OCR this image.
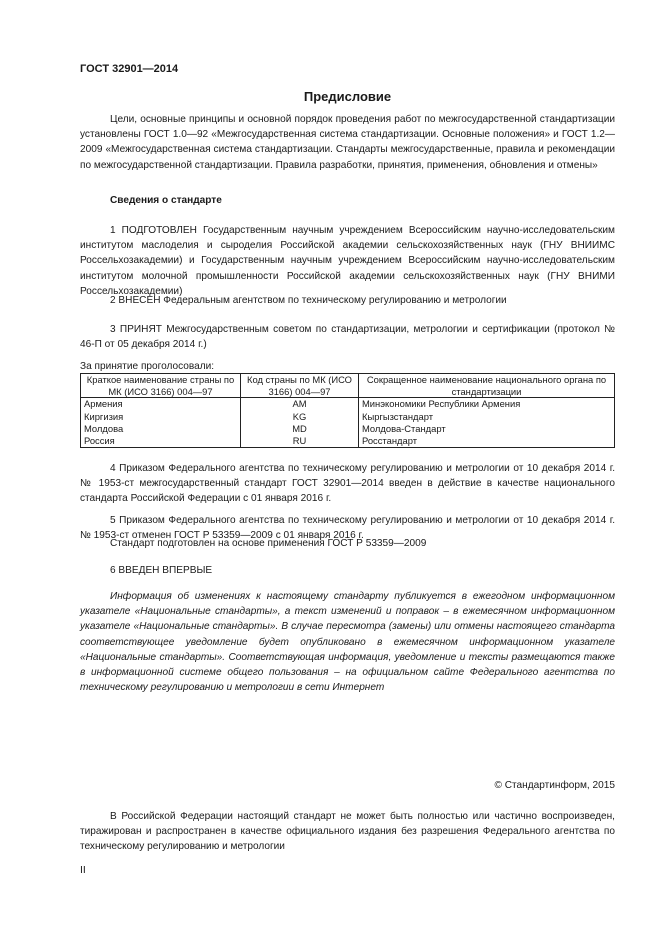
ГОСТ 32901—2014
Предисловие

Цели, основные принципы и основной порядок проведения работ по межгосударственной стандартизации установлены ГОСТ 1.0—92 «Межгосударственная система стандартизации. Основные положения» и ГОСТ 1.2—2009 «Межгосударственная система стандартизации. Стандарты межгосударственные, правила и рекомендации по межгосударственной стандартизации. Правила разработки, принятия, применения, обновления и отмены»

Сведения о стандарте

1 ПОДГОТОВЛЕН Государственным научным учреждением Всероссийским научно-исследовательским институтом маслоделия и сыроделия Российской академии сельскохозяйственных наук (ГНУ ВНИИМС Россельхозакадемии) и Государственным научным учреждением Всероссийским научно-исследовательским институтом молочной промышленности Российской академии сельскохозяйственных наук (ГНУ ВНИМИ Россельхозакадемии)

2 ВНЕСЕН Федеральным агентством по техническому регулированию и метрологии

3 ПРИНЯТ Межгосударственным советом по стандартизации, метрологии и сертификации (протокол № 46-П от 05 декабря 2014 г.)

За принятие проголосовали:

Краткое наименование страны по МК (ИСО 3166) 004—97	Код страны по МК (ИСО 3166) 004—97	Сокращенное наименование национального органа по стандартизации
Армения	AM	Минэкономики Республики Армения
Киргизия	KG	Кыргызстандарт
Молдова	MD	Молдова-Стандарт
Россия	RU	Росстандарт

4 Приказом Федерального агентства по техническому регулированию и метрологии от 10 декабря 2014 г. № 1953-ст межгосударственный стандарт ГОСТ 32901—2014 введен в действие в качестве национального стандарта Российской Федерации с 01 января 2016 г.

5 Приказом Федерального агентства по техническому регулированию и метрологии от 10 декабря 2014 г. № 1953-ст отменен ГОСТ Р 53359—2009 с 01 января 2016 г.

Стандарт подготовлен на основе применения ГОСТ Р 53359—2009

6 ВВЕДЕН ВПЕРВЫЕ

Информация об изменениях к настоящему стандарту публикуется в ежегодном информационном указателе «Национальные стандарты», а текст изменений и поправок – в ежемесячном информационном указателе «Национальные стандарты». В случае пересмотра (замены) или отмены настоящего стандарта соответствующее уведомление будет опубликовано в ежемесячном информационном указателе «Национальные стандарты». Соответствующая информация, уведомление и тексты размещаются также в информационной системе общего пользования – на официальном сайте Федерального агентства по техническому регулированию и метрологии в сети Интернет

© Стандартинформ, 2015

В Российской Федерации настоящий стандарт не может быть полностью или частично воспроизведен, тиражирован и распространен в качестве официального издания без разрешения Федерального агентства по техническому регулированию и метрологии

II
